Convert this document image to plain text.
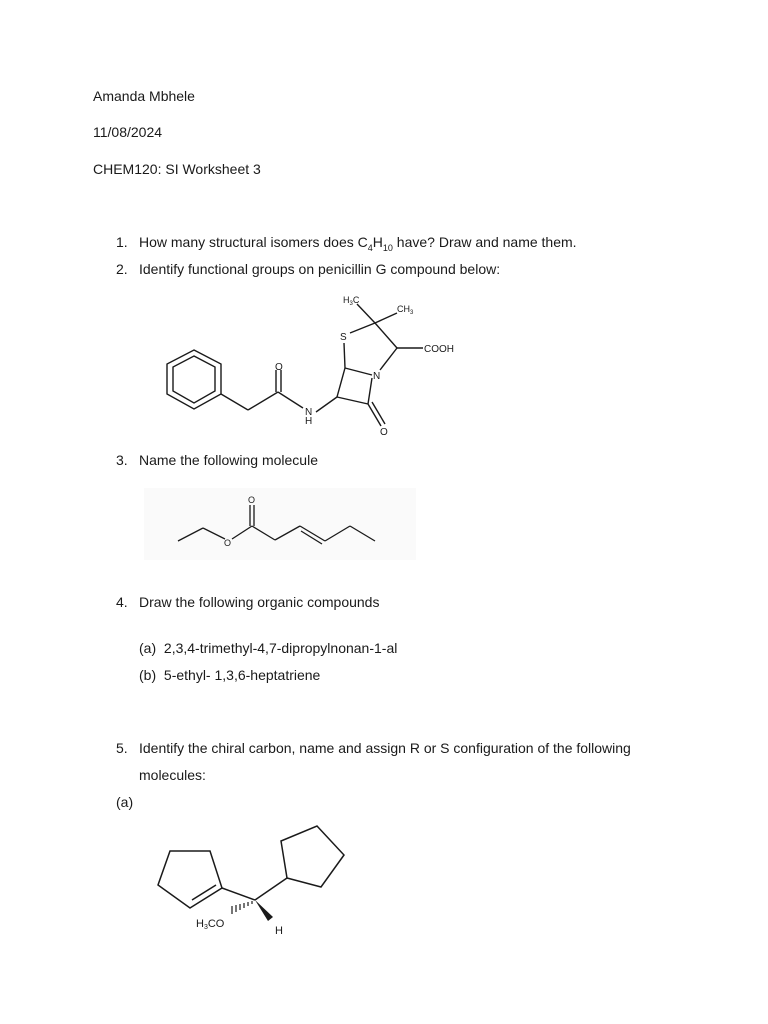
Amanda Mbhele
11/08/2024
CHEM120: SI Worksheet 3
1. How many structural isomers does $C_4H_{10}$ have? Draw and name them.
2. Identify functional groups on penicillin G compound below:
$H_3C$
$CH_3$
S
N
COOH
O
O
N
H
3. Name the following molecule
O
O
4. Draw the following organic compounds
(a) 2,3,4-trimethyl-4,7-dipropylnonan-1-al
(b) 5-ethyl- 1,3,6-heptatriene
5. Identify the chiral carbon, name and assign R or S configuration of the following
molecules:
(a)
H3CO
H
